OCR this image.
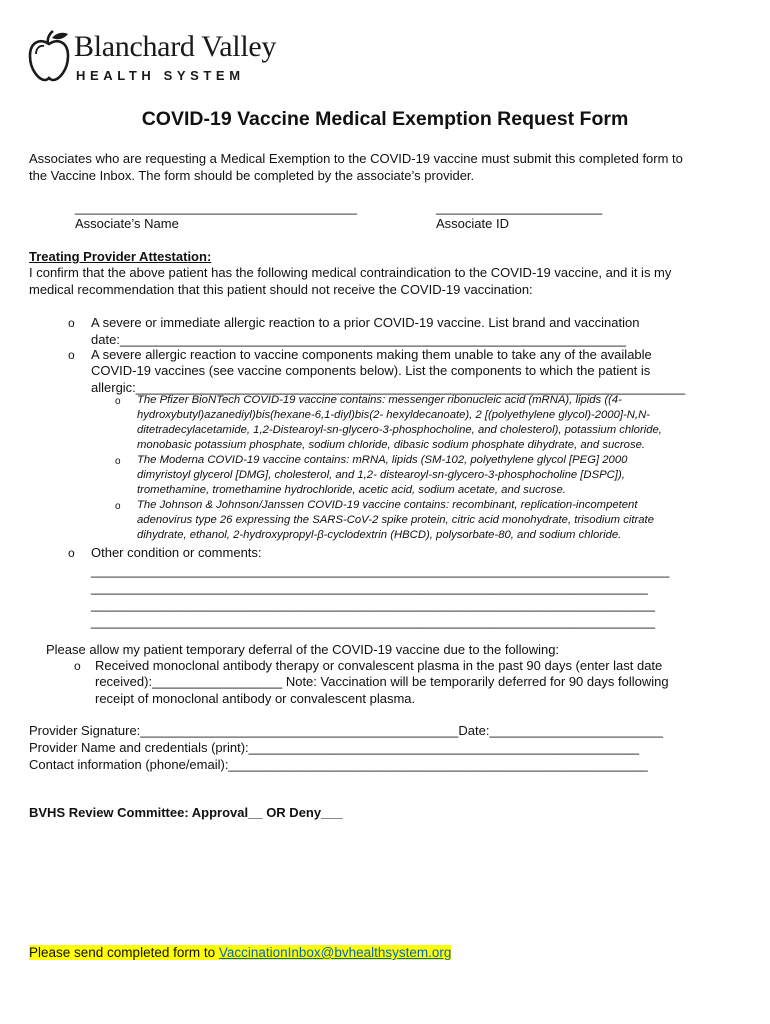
Blanchard Valley
HEALTH SYSTEM
COVID-19 Vaccine Medical Exemption Request Form
Associates who are requesting a Medical Exemption to the COVID-19 vaccine must submit this completed form to
the Vaccine Inbox. The form should be completed by the associate’s provider.
_______________________________________
Associate’s Name
_______________________
Associate ID
Treating Provider Attestation:
I confirm that the above patient has the following medical contraindication to the COVID-19 vaccine, and it is my
medical recommendation that this patient should not receive the COVID-19 vaccination:
o A severe or immediate allergic reaction to a prior COVID-19 vaccine. List brand and vaccination
date:______________________________________________________________________
o A severe allergic reaction to vaccine components making them unable to take any of the available
COVID-19 vaccines (see vaccine components below). List the components to which the patient is
allergic:____________________________________________________________________________
o The Pfizer BioNTech COVID-19 vaccine contains: messenger ribonucleic acid (mRNA), lipids ((4-
hydroxybutyl)azanediyl)bis(hexane-6,1-diyl)bis(2- hexyldecanoate), 2 [(polyethylene glycol)-2000]-N,N-
ditetradecylacetamide, 1,2-Distearoyl-sn-glycero-3-phosphocholine, and cholesterol), potassium chloride,
monobasic potassium phosphate, sodium chloride, dibasic sodium phosphate dihydrate, and sucrose.
o The Moderna COVID-19 vaccine contains: mRNA, lipids (SM-102, polyethylene glycol [PEG] 2000
dimyristoyl glycerol [DMG], cholesterol, and 1,2- distearoyl-sn-glycero-3-phosphocholine [DSPC]),
tromethamine, tromethamine hydrochloride, acetic acid, sodium acetate, and sucrose.
o The Johnson & Johnson/Janssen COVID-19 vaccine contains: recombinant, replication-incompetent
adenovirus type 26 expressing the SARS-CoV-2 spike protein, citric acid monohydrate, trisodium citrate
dihydrate, ethanol, 2-hydroxypropyl-β-cyclodextrin (HBCD), polysorbate-80, and sodium chloride.
o Other condition or comments:
________________________________________________________________________________
_____________________________________________________________________________
______________________________________________________________________________
______________________________________________________________________________
Please allow my patient temporary deferral of the COVID-19 vaccine due to the following:
o Received monoclonal antibody therapy or convalescent plasma in the past 90 days (enter last date
received):__________________ Note: Vaccination will be temporarily deferred for 90 days following
receipt of monoclonal antibody or convalescent plasma.
Provider Signature:____________________________________________Date:________________________
Provider Name and credentials (print):______________________________________________________
Contact information (phone/email):__________________________________________________________
BVHS Review Committee: Approval__ OR Deny___
Please send completed form to VaccinationInbox@bvhealthsystem.org
